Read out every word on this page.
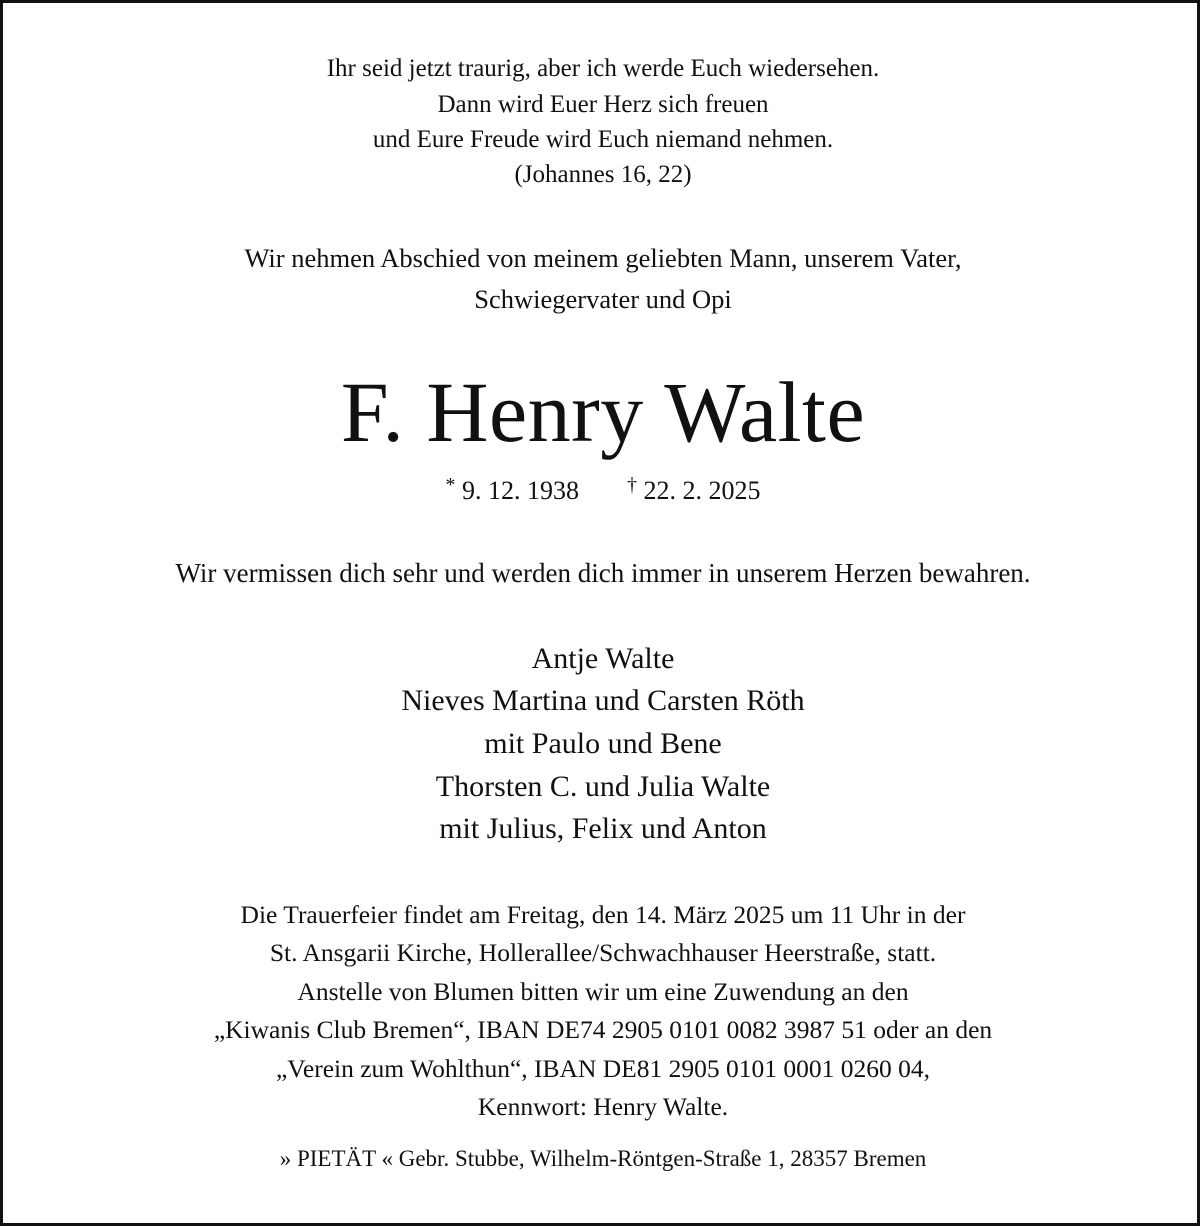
Ihr seid jetzt traurig, aber ich werde Euch wiedersehen.
Dann wird Euer Herz sich freuen
und Eure Freude wird Euch niemand nehmen.
(Johannes 16, 22)
Wir nehmen Abschied von meinem geliebten Mann, unserem Vater,
Schwiegervater und Opi
F. Henry Walte
* 9. 12. 1938 † 22. 2. 2025
Wir vermissen dich sehr und werden dich immer in unserem Herzen bewahren.
Antje Walte
Nieves Martina und Carsten Röth
mit Paulo und Bene
Thorsten C. und Julia Walte
mit Julius, Felix und Anton
Die Trauerfeier findet am Freitag, den 14. März 2025 um 11 Uhr in der
St. Ansgarii Kirche, Hollerallee/Schwachhauser Heerstraße, statt.
Anstelle von Blumen bitten wir um eine Zuwendung an den
„Kiwanis Club Bremen“, IBAN DE74 2905 0101 0082 3987 51 oder an den
„Verein zum Wohlthun“, IBAN DE81 2905 0101 0001 0260 04,
Kennwort: Henry Walte.
» PIETÄT « Gebr. Stubbe, Wilhelm-Röntgen-Straße 1, 28357 Bremen
